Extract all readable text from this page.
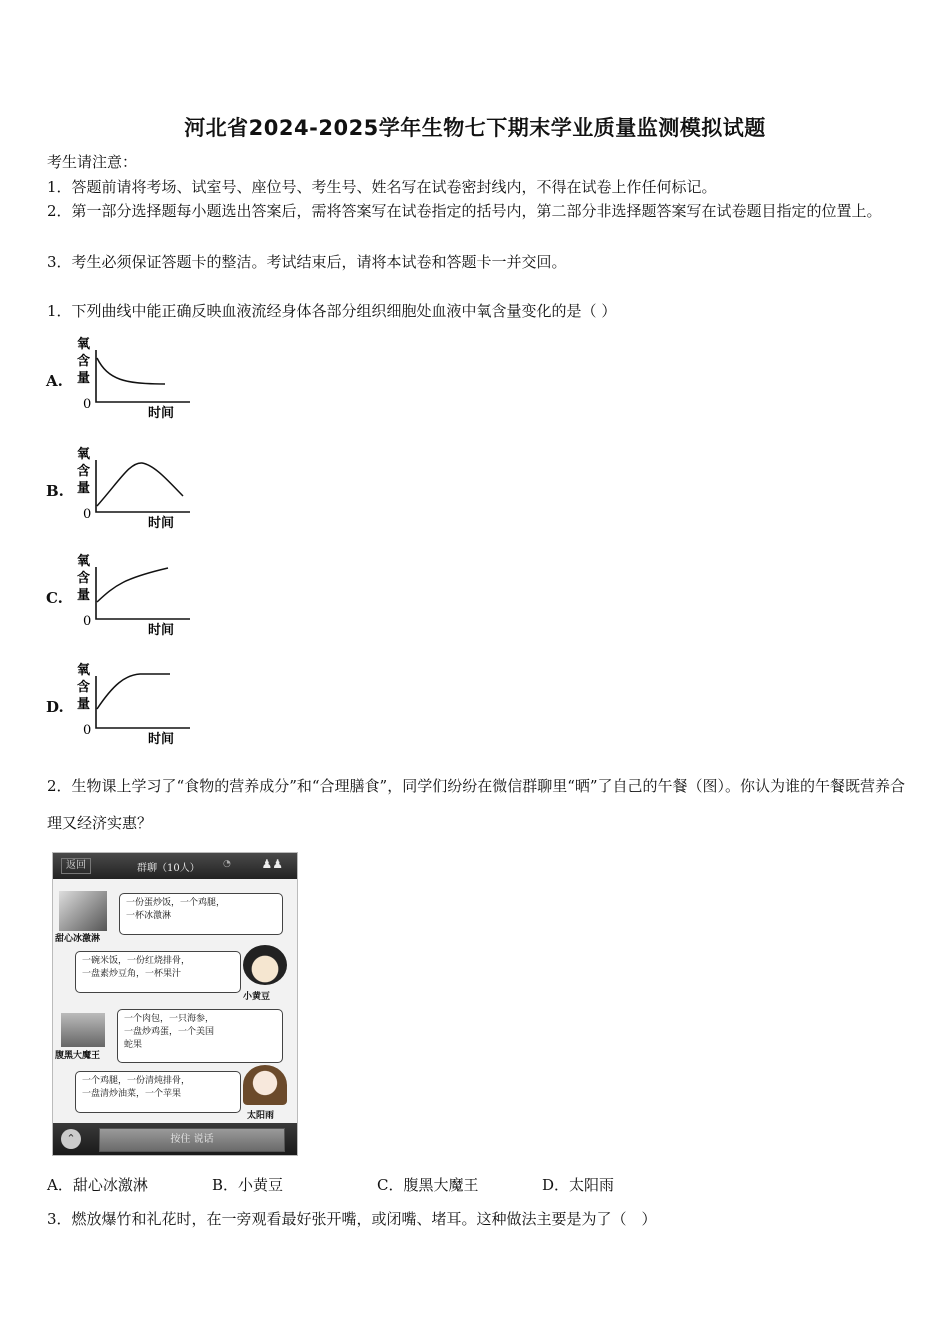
河北省2024-2025学年生物七下期末学业质量监测模拟试题
考生请注意：
1．答题前请将考场、试室号、座位号、考生号、姓名写在试卷密封线内，不得在试卷上作任何标记。
2．第一部分选择题每小题选出答案后，需将答案写在试卷指定的括号内，第二部分非选择题答案写在试卷题目指定的位置上。
3．考生必须保证答题卡的整洁。考试结束后，请将本试卷和答题卡一并交回。
1．下列曲线中能正确反映血液流经身体各部分组织细胞处血液中氧含量变化的是（ ）
A.
B.
C.
D.
氧
含
量
0
时间
氧
含
量
0
时间
氧
含
量
0
时间
氧
含
量
0
时间
2．生物课上学习了“食物的营养成分”和“合理膳食”，同学们纷纷在微信群聊里“晒”了自己的午餐（图）。你认为谁的午餐既营养合理又经济实惠？
返回	群聊（10人）	◔	♟♟
一份蛋炒饭，一个鸡腿，
一杯冰激淋
甜心冰激淋
一碗米饭，一份红烧排骨，
一盘素炒豆角，一杯果汁
小黄豆
一个肉包，一只海参，
一盘炒鸡蛋，一个美国
蛇果
腹黑大魔王
一个鸡腿，一份清炖排骨，
一盘清炒油菜，一个苹果
太阳雨
⌃	按住 说话
A．甜心冰激淋	B．小黄豆	C．腹黑大魔王	D．太阳雨
3．燃放爆竹和礼花时，在一旁观看最好张开嘴，或闭嘴、堵耳。这种做法主要是为了（　）
